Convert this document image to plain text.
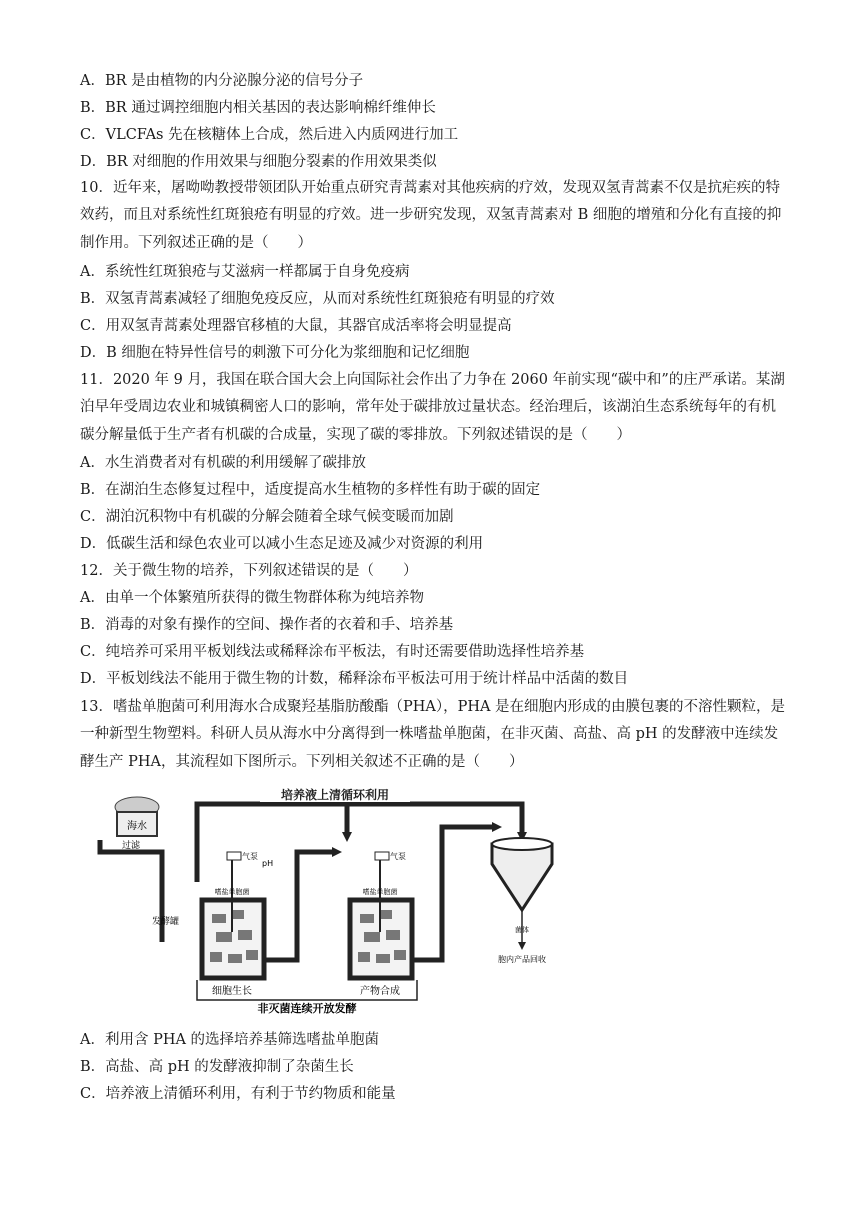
A．BR 是由植物的内分泌腺分泌的信号分子
B．BR 通过调控细胞内相关基因的表达影响棉纤维伸长
C．VLCFAs 先在核糖体上合成，然后进入内质网进行加工
D．BR 对细胞的作用效果与细胞分裂素的作用效果类似
10．近年来，屠呦呦教授带领团队开始重点研究青蒿素对其他疾病的疗效，发现双氢青蒿素不仅是抗疟疾的特效药，而且对系统性红斑狼疮有明显的疗效。进一步研究发现，双氢青蒿素对 B 细胞的增殖和分化有直接的抑制作用。下列叙述正确的是（　　）
A．系统性红斑狼疮与艾滋病一样都属于自身免疫病
B．双氢青蒿素减轻了细胞免疫反应，从而对系统性红斑狼疮有明显的疗效
C．用双氢青蒿素处理器官移植的大鼠，其器官成活率将会明显提高
D．B 细胞在特异性信号的刺激下可分化为浆细胞和记忆细胞
11．2020 年 9 月，我国在联合国大会上向国际社会作出了力争在 2060 年前实现“碳中和”的庄严承诺。某湖泊早年受周边农业和城镇稠密人口的影响，常年处于碳排放过量状态。经治理后，该湖泊生态系统每年的有机碳分解量低于生产者有机碳的合成量，实现了碳的零排放。下列叙述错误的是（　　）
A．水生消费者对有机碳的利用缓解了碳排放
B．在湖泊生态修复过程中，适度提高水生植物的多样性有助于碳的固定
C．湖泊沉积物中有机碳的分解会随着全球气候变暖而加剧
D．低碳生活和绿色农业可以减小生态足迹及减少对资源的利用
12．关于微生物的培养，下列叙述错误的是（　　）
A．由单一个体繁殖所获得的微生物群体称为纯培养物
B．消毒的对象有操作的空间、操作者的衣着和手、培养基
C．纯培养可采用平板划线法或稀释涂布平板法，有时还需要借助选择性培养基
D．平板划线法不能用于微生物的计数，稀释涂布平板法可用于统计样品中活菌的数目
13．嗜盐单胞菌可利用海水合成聚羟基脂肪酸酯（PHA），PHA 是在细胞内形成的由膜包裹的不溶性颗粒，是一种新型生物塑料。科研人员从海水中分离得到一株嗜盐单胞菌，在非灭菌、高盐、高 pH 的发酵液中连续发酵生产 PHA，其流程如下图所示。下列相关叙述不正确的是（　　）
培养液上清循环利用
海水
过滤
气泵
pH
嗜盐单胞菌
发酵罐
细胞生长
气泵
嗜盐单胞菌
产物合成
菌体
胞内产品回收
非灭菌连续开放发酵
A．利用含 PHA 的选择培养基筛选嗜盐单胞菌
B．高盐、高 pH 的发酵液抑制了杂菌生长
C．培养液上清循环利用，有利于节约物质和能量
